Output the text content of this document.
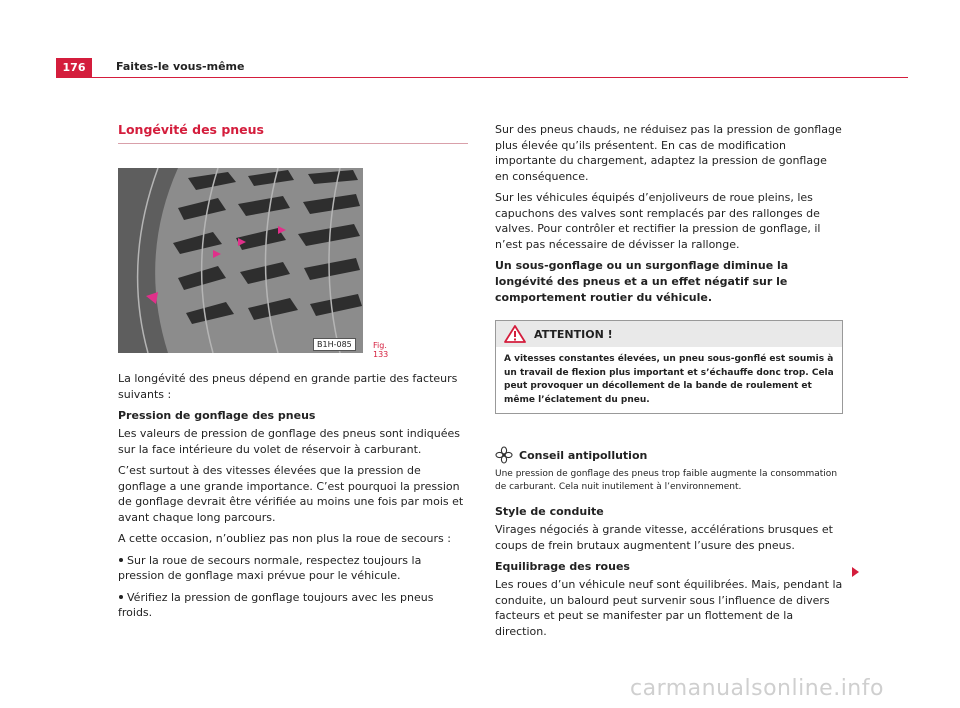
176	Faites-le vous-même
Longévité des pneus
B1H-085	Fig. 133

La longévité des pneus dépend en grande partie des facteurs suivants :

Pression de gonflage des pneus

Les valeurs de pression de gonflage des pneus sont indiquées sur la face intérieure du volet de réservoir à carburant.

C’est surtout à des vitesses élevées que la pression de gonflage a une grande importance. C’est pourquoi la pression de gonflage devrait être vérifiée au moins une fois par mois et avant chaque long parcours.

A cette occasion, n’oubliez pas non plus la roue de secours :

Sur la roue de secours normale, respectez toujours la pression de gonflage maxi prévue pour le véhicule.

Vérifiez la pression de gonflage toujours avec les pneus froids.

Sur des pneus chauds, ne réduisez pas la pression de gonflage plus élevée qu’ils présentent. En cas de modification importante du chargement, adaptez la pression de gonflage en conséquence.

Sur les véhicules équipés d’enjoliveurs de roue pleins, les capuchons des valves sont remplacés par des rallonges de valves. Pour contrôler et rectifier la pression de gonflage, il n’est pas nécessaire de dévisser la rallonge.

Un sous-gonflage ou un surgonflage diminue la longévité des pneus et a un effet négatif sur le comportement routier du véhicule.
ATTENTION !
A vitesses constantes élevées, un pneu sous-gonflé est soumis à un travail de flexion plus important et s’échauffe donc trop. Cela peut provoquer un décollement de la bande de roulement et même l’éclatement du pneu.
Conseil antipollution
Une pression de gonflage des pneus trop faible augmente la consommation de carburant. Cela nuit inutilement à l’environnement.
Style de conduite

Virages négociés à grande vitesse, accélérations brusques et coups de frein brutaux augmentent l’usure des pneus.

Equilibrage des roues

Les roues d’un véhicule neuf sont équilibrées. Mais, pendant la conduite, un balourd peut survenir sous l’influence de divers facteurs et peut se manifester par un flottement de la direction.

carmanualsonline.info
